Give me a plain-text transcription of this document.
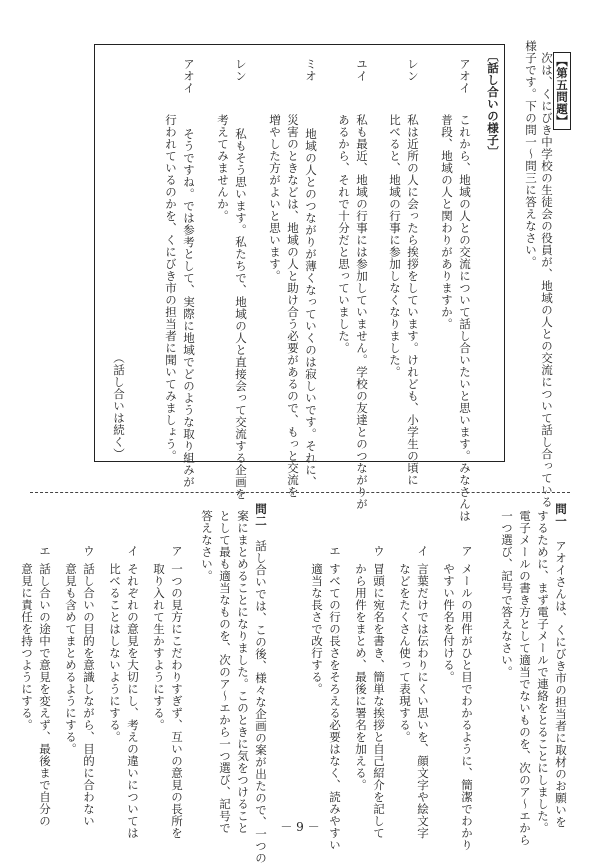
【第五問題】
次は、くにびき中学校の生徒会の役員が、地域の人との交流について話し合っている
様子です。下の問一～問三に答えなさい。
〔話し合いの様子〕
アオイ
これから、地域の人との交流について話し合いたいと思います。みなさんは
普段、地域の人と関わりがありますか。
レン
私は近所の人に会ったら挨拶をしています。けれども、小学生の頃に
比べると、地域の行事に参加しなくなりました。
ユイ
私も最近、地域の行事には参加していません。学校の友達とのつながりが
あるから、それで十分だと思っていました。
ミオ
地域の人とのつながりが薄くなっていくのは寂しいです。それに、
災害のときなどは、地域の人と助け合う必要があるので、もっと交流を
増やした方がよいと思います。
レン
私もそう思います。私たちで、地域の人と直接会って交流する企画を
考えてみませんか。
アオイ
そうですね。では参考として、実際に地域でどのような取り組みが
行われているのかを、くにびき市の担当者に聞いてみましょう。
（話し合いは続く）
問一
アオイさんは、くにびき市の担当者に取材のお願いを
するために、まず電子メールで連絡をとることにしました。
電子メールの書き方として適当でないものを、次のア～エから
一つ選び、記号で答えなさい。
ア
メールの用件がひと目でわかるように、簡潔でわかり
やすい件名を付ける。
イ
言葉だけでは伝わりにくい思いを、顔文字や絵文字
などをたくさん使って表現する。
ウ
冒頭に宛名を書き、簡単な挨拶と自己紹介を記して
から用件をまとめ、最後に署名を加える。
エ
すべての行の長さをそろえる必要はなく、読みやすい
適当な長さで改行する。
問二
話し合いでは、この後、様々な企画の案が出たので、一つの
案にまとめることになりました。このときに気をつけること
として最も適当なものを、次のア～エから一つ選び、記号で
答えなさい。
ア
一つの見方にこだわりすぎず、互いの意見の長所を
取り入れて生かすようにする。
イ
それぞれの意見を大切にし、考えの違いについては
比べることはしないようにする。
ウ
話し合いの目的を意識しながら、目的に合わない
意見も含めてまとめるようにする。
エ
話し合いの途中で意見を変えず、最後まで自分の
意見に責任を持つようにする。
－ 9 －
